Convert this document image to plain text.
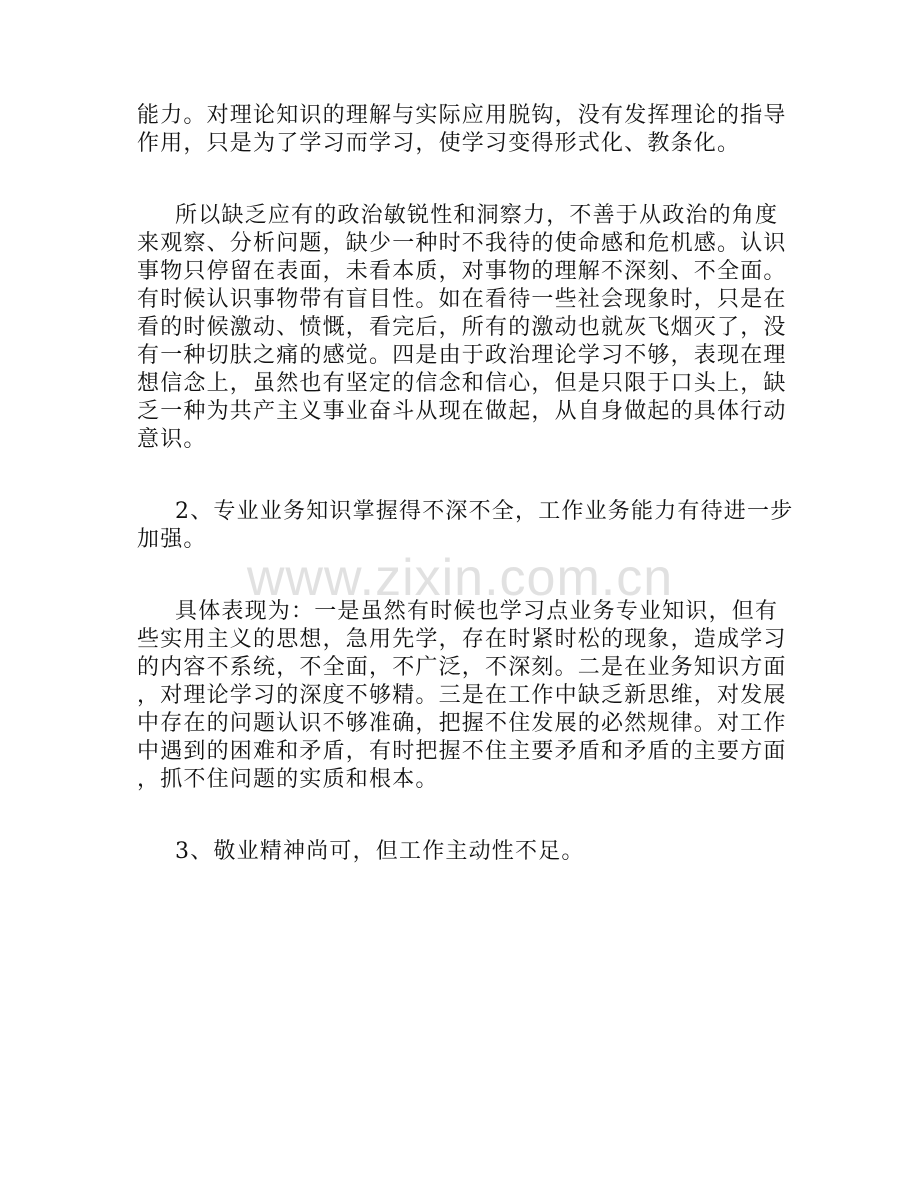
能力。对理论知识的理解与实际应用脱钩，没有发挥理论的指导
作用，只是为了学习而学习，使学习变得形式化、教条化。
所以缺乏应有的政治敏锐性和洞察力，不善于从政治的角度
来观察、分析问题，缺少一种时不我待的使命感和危机感。认识
事物只停留在表面，未看本质，对事物的理解不深刻、不全面。
有时候认识事物带有盲目性。如在看待一些社会现象时，只是在
看的时候激动、愤慨，看完后，所有的激动也就灰飞烟灭了，没
有一种切肤之痛的感觉。四是由于政治理论学习不够，表现在理
想信念上，虽然也有坚定的信念和信心，但是只限于口头上，缺
乏一种为共产主义事业奋斗从现在做起，从自身做起的具体行动
意识。
2、专业业务知识掌握得不深不全，工作业务能力有待进一步
加强。
具体表现为：一是虽然有时候也学习点业务专业知识，但有
些实用主义的思想，急用先学，存在时紧时松的现象，造成学习
的内容不系统，不全面，不广泛，不深刻。二是在业务知识方面
，对理论学习的深度不够精。三是在工作中缺乏新思维，对发展
中存在的问题认识不够准确，把握不住发展的必然规律。对工作
中遇到的困难和矛盾，有时把握不住主要矛盾和矛盾的主要方面
，抓不住问题的实质和根本。
3、敬业精神尚可，但工作主动性不足。
www.zixin.com.cn
